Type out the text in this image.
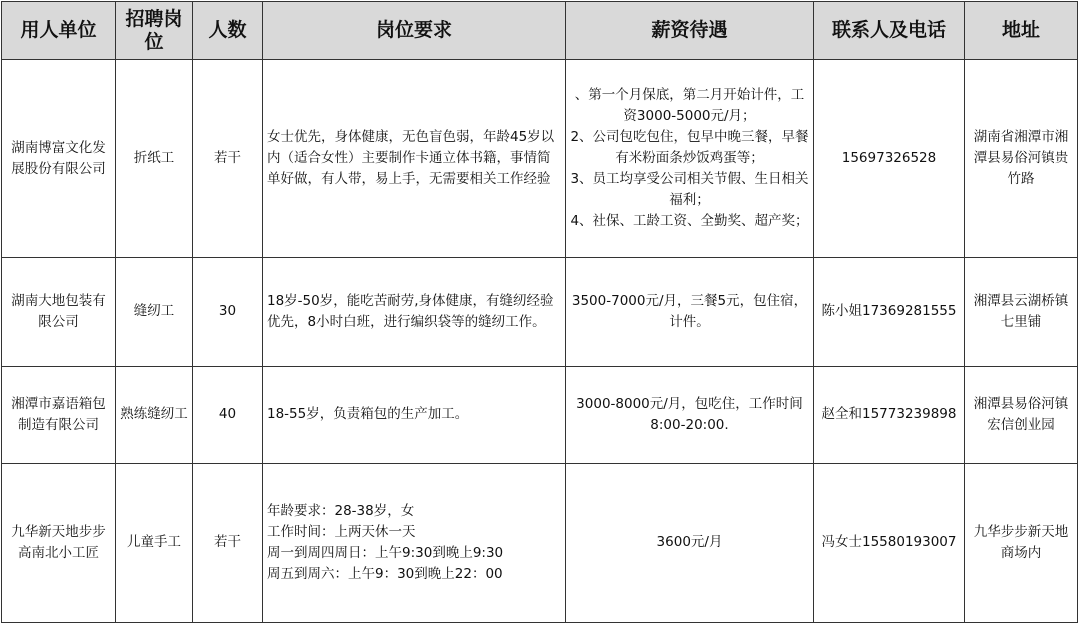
用人单位	招聘岗位	人数	岗位要求	薪资待遇	联系人及电话	地址
湖南博富文化发展股份有限公司	折纸工	若干	女士优先，身体健康，无色盲色弱，年龄45岁以内（适合女性）主要制作卡通立体书籍，事情简单好做，有人带，易上手，无需要相关工作经验	、第一个月保底，第二月开始计件，工资3000-5000元/月；
2、公司包吃包住，包早中晚三餐，早餐有米粉面条炒饭鸡蛋等；
3、员工均享受公司相关节假、生日相关福利；
4、社保、工龄工资、全勤奖、超产奖；	15697326528	湖南省湘潭市湘潭县易俗河镇贵竹路
湖南大地包装有限公司	缝纫工	30	18岁-50岁，能吃苦耐劳,身体健康，有缝纫经验优先，8小时白班，进行编织袋等的缝纫工作。	3500-7000元/月，三餐5元，包住宿，计件。	陈小姐17369281555	湘潭县云湖桥镇七里铺
湘潭市嘉语箱包制造有限公司	熟练缝纫工	40	18-55岁，负责箱包的生产加工。	3000-8000元/月，包吃住，工作时间8:00-20:00.	赵全和15773239898	湘潭县易俗河镇宏信创业园
九华新天地步步高南北小工匠	儿童手工	若干	年龄要求：28-38岁，女
工作时间：上两天休一天
周一到周四周日：上午9:30到晚上9:30
周五到周六：上午9：30到晚上22：00	3600元/月	冯女士15580193007	九华步步新天地商场内
